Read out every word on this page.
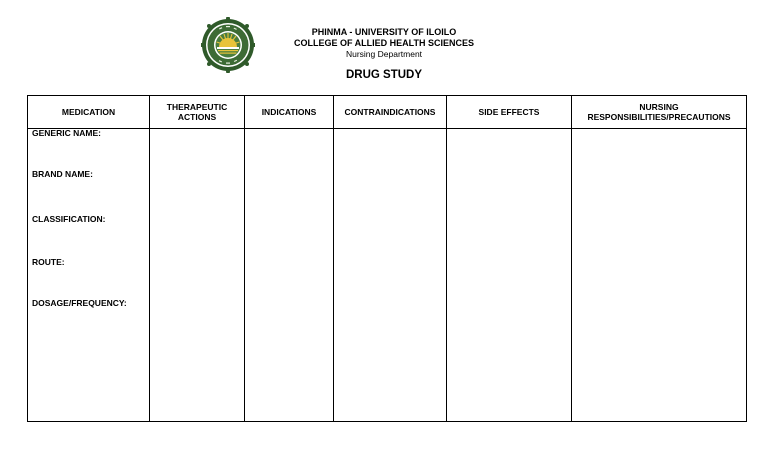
PHINMA - UNIVERSITY OF ILOILO
COLLEGE OF ALLIED HEALTH SCIENCES
Nursing Department
DRUG STUDY
MEDICATION	THERAPEUTIC ACTIONS	INDICATIONS	CONTRAINDICATIONS	SIDE EFFECTS	NURSING RESPONSIBILITIES/PRECAUTIONS

GENERIC NAME:
BRAND NAME:
CLASSIFICATION:
ROUTE:
DOSAGE/FREQUENCY:					
